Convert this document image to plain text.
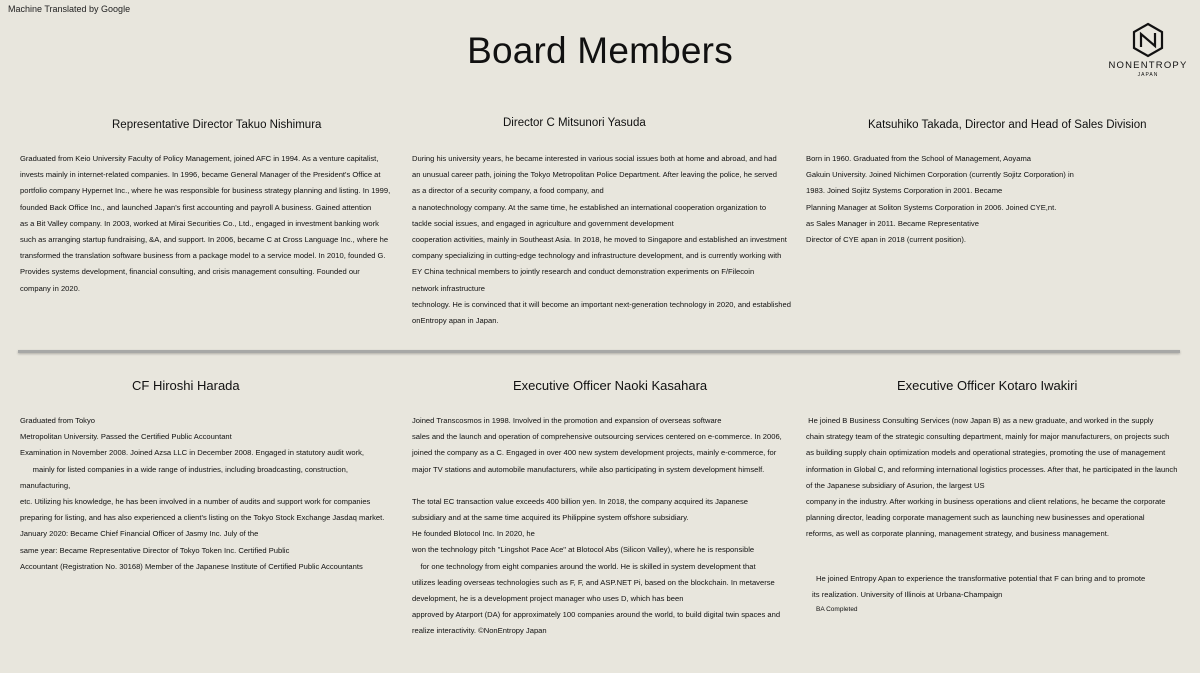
Machine Translated by Google
Board Members	NONENTROPY
JAPAN
Representative Director Takuo Nishimura

Graduated from Keio University Faculty of Policy Management, joined AFC in 1994. As a venture capitalist,

invests mainly in internet-related companies. In 1996, became General Manager of the President's Office at

portfolio company Hypernet Inc., where he was responsible for business strategy planning and listing. In 1999,

founded Back Office Inc., and launched Japan's first accounting and payroll A business. Gained attention

as a Bit Valley company. In 2003, worked at Mirai Securities Co., Ltd., engaged in investment banking work

such as arranging startup fundraising, &A, and support. In 2006, became C at Cross Language Inc., where he

transformed the translation software business from a package model to a service model. In 2010, founded G.

Provides systems development, financial consulting, and crisis management consulting. Founded our

company in 2020.

Director C Mitsunori Yasuda

During his university years, he became interested in various social issues both at home and abroad, and had

an unusual career path, joining the Tokyo Metropolitan Police Department. After leaving the police, he served

as a director of a security company, a food company, and

a nanotechnology company. At the same time, he established an international cooperation organization to

tackle social issues, and engaged in agriculture and government development

cooperation activities, mainly in Southeast Asia. In 2018, he moved to Singapore and established an investment

company specializing in cutting-edge technology and infrastructure development, and is currently working with

EY China technical members to jointly research and conduct demonstration experiments on F/Filecoin

network infrastructure

technology. He is convinced that it will become an important next-generation technology in 2020, and established

onEntropy apan in Japan.

Katsuhiko Takada, Director and Head of Sales Division

Born in 1960. Graduated from the School of Management, Aoyama

Gakuin University. Joined Nichimen Corporation (currently Sojitz Corporation) in

1983. Joined Sojitz Systems Corporation in 2001. Became

Planning Manager at Soliton Systems Corporation in 2006. Joined CYE,nt.

as Sales Manager in 2011. Became Representative

Director of CYE apan in 2018 (current position).

CF Hiroshi Harada

Graduated from Tokyo

Metropolitan University. Passed the Certified Public Accountant

Examination in November 2008. Joined Azsa LLC in December 2008. Engaged in statutory audit work,

mainly for listed companies in a wide range of industries, including broadcasting, construction,

manufacturing,

etc. Utilizing his knowledge, he has been involved in a number of audits and support work for companies

preparing for listing, and has also experienced a client's listing on the Tokyo Stock Exchange Jasdaq market.

January 2020: Became Chief Financial Officer of Jasmy Inc. July of the

same year: Became Representative Director of Tokyo Token Inc. Certified Public

Accountant (Registration No. 30168) Member of the Japanese Institute of Certified Public Accountants

Executive Officer Naoki Kasahara

Joined Transcosmos in 1998. Involved in the promotion and expansion of overseas software

sales and the launch and operation of comprehensive outsourcing services centered on e-commerce. In 2006,

joined the company as a C. Engaged in over 400 new system development projects, mainly e-commerce, for

major TV stations and automobile manufacturers, while also participating in system development himself.

The total EC transaction value exceeds 400 billion yen. In 2018, the company acquired its Japanese

subsidiary and at the same time acquired its Philippine system offshore subsidiary.

He founded Blotocol Inc. In 2020, he

won the technology pitch "Lingshot Pace Ace" at Blotocol Abs (Silicon Valley), where he is responsible

for one technology from eight companies around the world. He is skilled in system development that

utilizes leading overseas technologies such as F, F, and ASP.NET Pi, based on the blockchain. In metaverse

development, he is a development project manager who uses D, which has been

approved by Atarport (DA) for approximately 100 companies around the world, to build digital twin spaces and

realize interactivity. ©NonEntropy Japan

Executive Officer Kotaro Iwakiri

He joined B Business Consulting Services (now Japan B) as a new graduate, and worked in the supply

chain strategy team of the strategic consulting department, mainly for major manufacturers, on projects such

as building supply chain optimization models and operational strategies, promoting the use of management

information in Global C, and reforming international logistics processes. After that, he participated in the launch

of the Japanese subsidiary of Asurion, the largest US

company in the industry. After working in business operations and client relations, he became the corporate

planning director, leading corporate management such as launching new businesses and operational

reforms, as well as corporate planning, management strategy, and business management.

He joined Entropy Apan to experience the transformative potential that F can bring and to promote

its realization. University of Illinois at Urbana-Champaign

BA Completed
